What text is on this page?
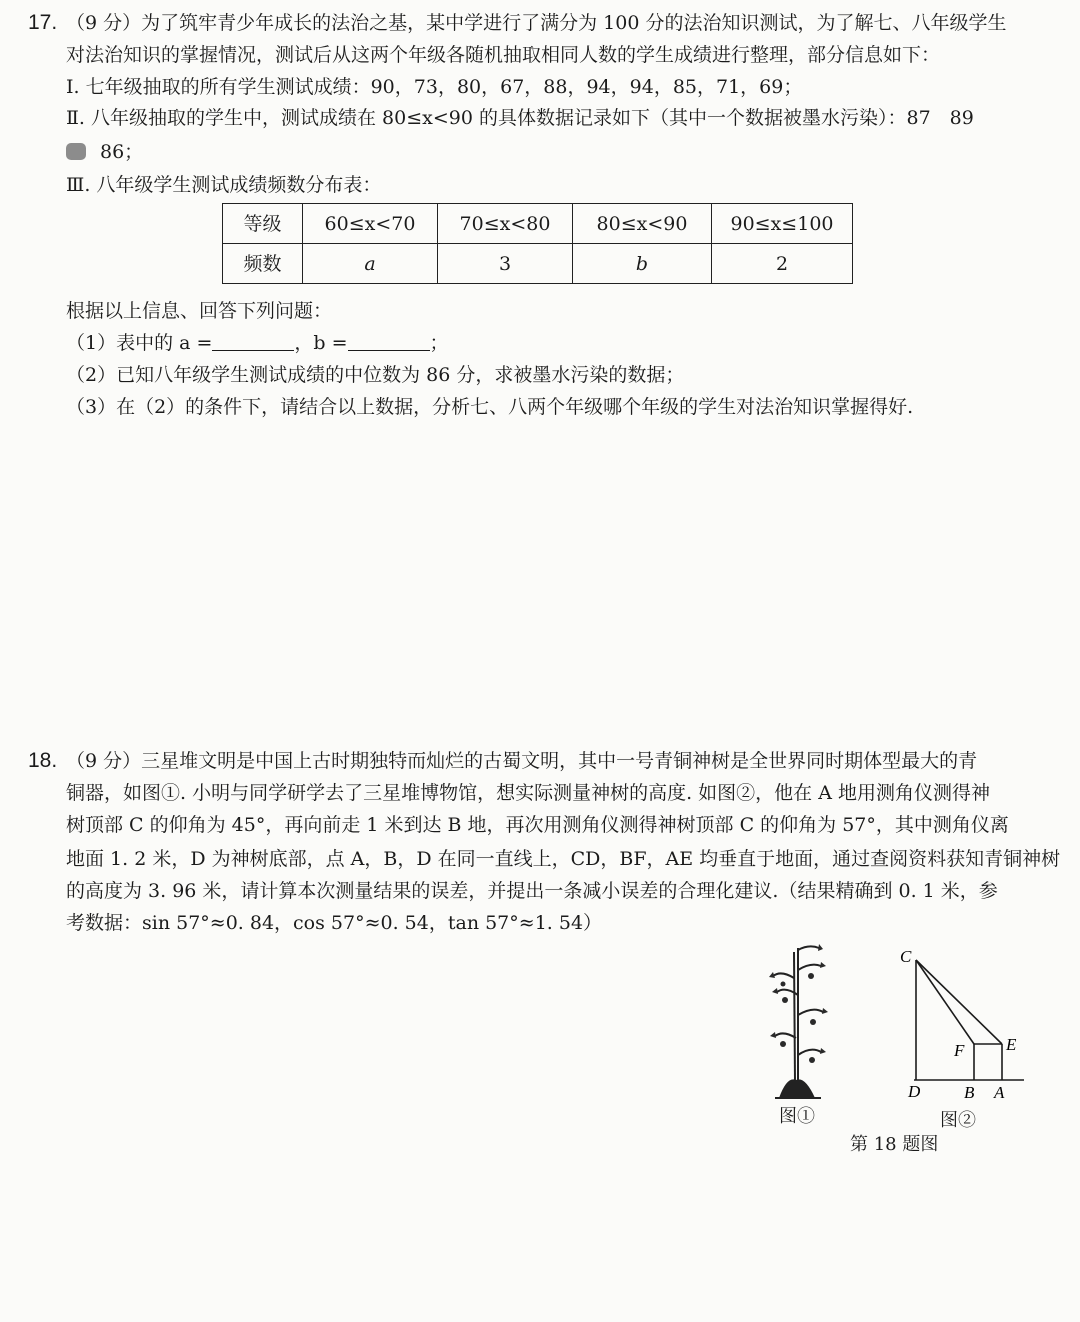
17. （9 分）为了筑牢青少年成长的法治之基，某中学进行了满分为 100 分的法治知识测试，为了解七、八年级学生
对法治知识的掌握情况，测试后从这两个年级各随机抽取相同人数的学生成绩进行整理，部分信息如下：
Ⅰ. 七年级抽取的所有学生测试成绩：90，73，80，67，88，94，94，85，71，69；
Ⅱ. 八年级抽取的学生中，测试成绩在 80≤x<90 的具体数据记录如下（其中一个数据被墨水污染）：87　89
86；
Ⅲ. 八年级学生测试成绩频数分布表：
等级	60≤x<70	70≤x<80	80≤x<90	90≤x≤100
频数	a	3	b	2
根据以上信息、回答下列问题：
（1）表中的 a =	，b =	；
（2）已知八年级学生测试成绩的中位数为 86 分，求被墨水污染的数据；
（3）在（2）的条件下，请结合以上数据，分析七、八两个年级哪个年级的学生对法治知识掌握得好.
18. （9 分）三星堆文明是中国上古时期独特而灿烂的古蜀文明，其中一号青铜神树是全世界同时期体型最大的青
铜器，如图①. 小明与同学研学去了三星堆博物馆，想实际测量神树的高度. 如图②，他在 A 地用测角仪测得神
树顶部 C 的仰角为 45°，再向前走 1 米到达 B 地，再次用测角仪测得神树顶部 C 的仰角为 57°，其中测角仪离
地面 1. 2 米，D 为神树底部，点 A，B，D 在同一直线上，CD，BF，AE 均垂直于地面，通过查阅资料获知青铜神树
的高度为 3. 96 米，请计算本次测量结果的误差，并提出一条减小误差的合理化建议.（结果精确到 0. 1 米，参
考数据：sin 57°≈0. 84，cos 57°≈0. 54，tan 57°≈1. 54）
图①
C
E
F
D	B A
图②
第 18 题图
